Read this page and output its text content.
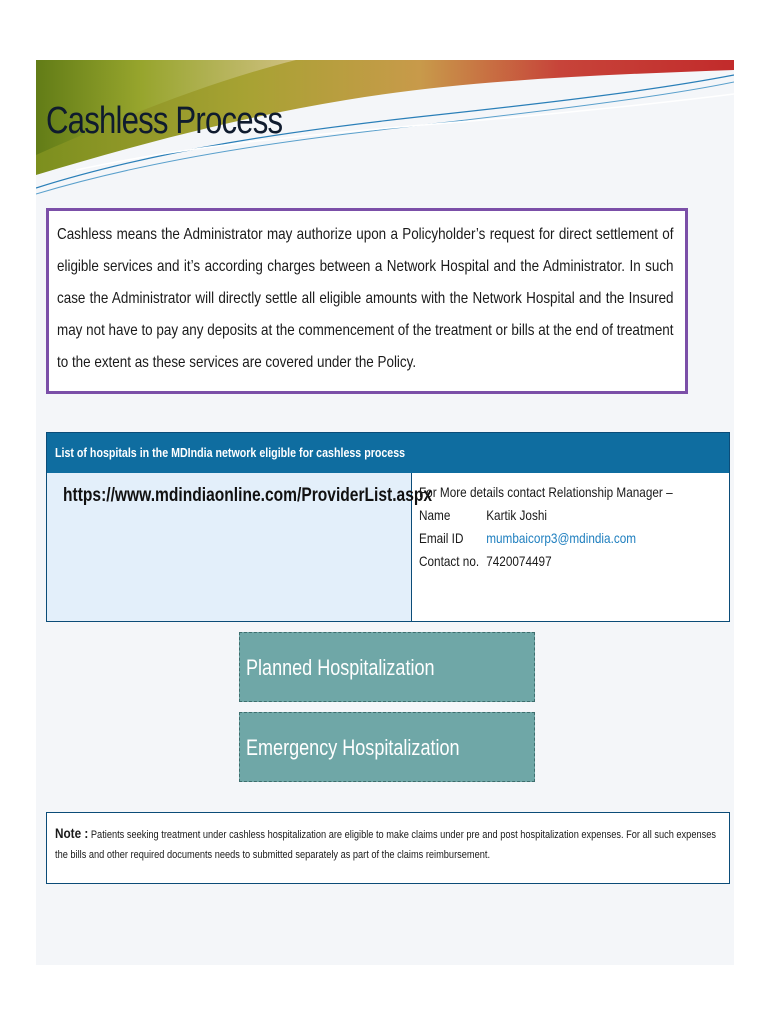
Cashless Process

Cashless means the Administrator may authorize upon a Policyholder’s request for direct settlement of eligible services and it’s according charges between a Network Hospital and the Administrator. In such case the Administrator will directly settle all eligible amounts with the Network Hospital and the Insured may not have to pay any deposits at the commencement of the treatment or bills at the end of treatment to the extent as these services are covered under the Policy.

List of hospitals in the MDIndia network eligible for cashless process
https://www.mdindiaonline.com/ProviderList.aspx
For More details contact Relationship Manager –
Name	Kartik Joshi
Email ID mumbaicorp3@mdindia.com
Contact no. 7420074497
Planned Hospitalization
Emergency Hospitalization
Note : Patients seeking treatment under cashless hospitalization are eligible to make claims under pre and post hospitalization expenses. For all such expenses the bills and other required documents needs to submitted separately as part of the claims reimbursement.
